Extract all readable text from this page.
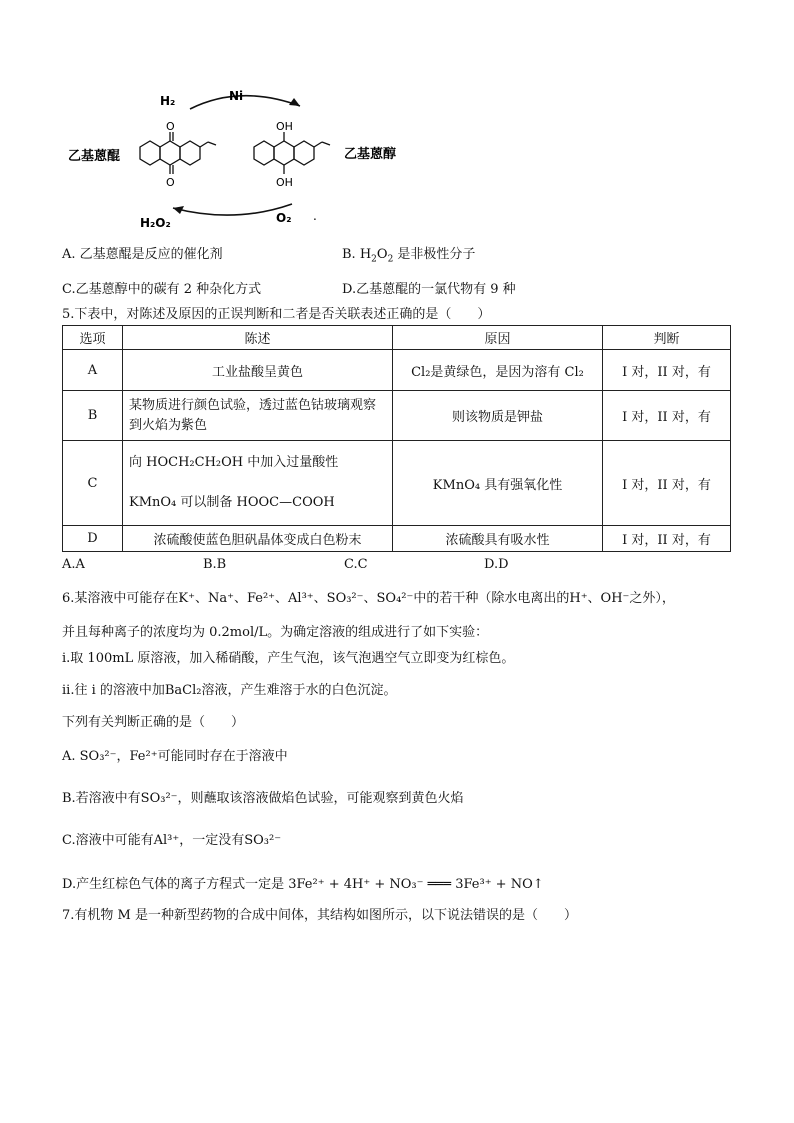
H₂	Ni
O₂
H₂O₂	.
O
O
乙基蒽醌
OH
OH
乙基蒽醇
A. 乙基蒽醌是反应的催化剂	B. $H_2O_2$ 是非极性分子
C.乙基蒽醇中的碳有 2 种杂化方式	D.乙基蒽醌的一氯代物有 9 种
5.下表中，对陈述及原因的正误判断和二者是否关联表述正确的是（　　）
选项	陈述	原因	判断
A	工业盐酸呈黄色	Cl₂是黄绿色，是因为溶有 Cl₂	I 对，II 对，有
B	某物质进行颜色试验，透过蓝色钴玻璃观察到火焰为紫色	则该物质是钾盐	I 对，II 对，有
C	向 HOCH₂CH₂OH 中加入过量酸性
KMnO₄ 可以制备 HOOC—COOH	KMnO₄ 具有强氧化性	I 对，II 对，有
D	浓硫酸使蓝色胆矾晶体变成白色粉末	浓硫酸具有吸水性	I 对，II 对，有
A.A	B.B	C.C	D.D
6.某溶液中可能存在K⁺、Na⁺、Fe²⁺、Al³⁺、SO₃²⁻、SO₄²⁻中的若干种（除水电离出的H⁺、OH⁻之外），
并且每种离子的浓度均为 0.2mol/L。为确定溶液的组成进行了如下实验：
i.取 100mL 原溶液，加入稀硝酸，产生气泡，该气泡遇空气立即变为红棕色。
ii.往 i 的溶液中加BaCl₂溶液，产生难溶于水的白色沉淀。
下列有关判断正确的是（　　）
A. SO₃²⁻，Fe²⁺可能同时存在于溶液中
B.若溶液中有SO₃²⁻，则蘸取该溶液做焰色试验，可能观察到黄色火焰
C.溶液中可能有Al³⁺，一定没有SO₃²⁻
D.产生红棕色气体的离子方程式一定是 3Fe²⁺ + 4H⁺ + NO₃⁻ ═══ 3Fe³⁺ + NO↑
7.有机物 M 是一种新型药物的合成中间体，其结构如图所示，以下说法错误的是（　　）
